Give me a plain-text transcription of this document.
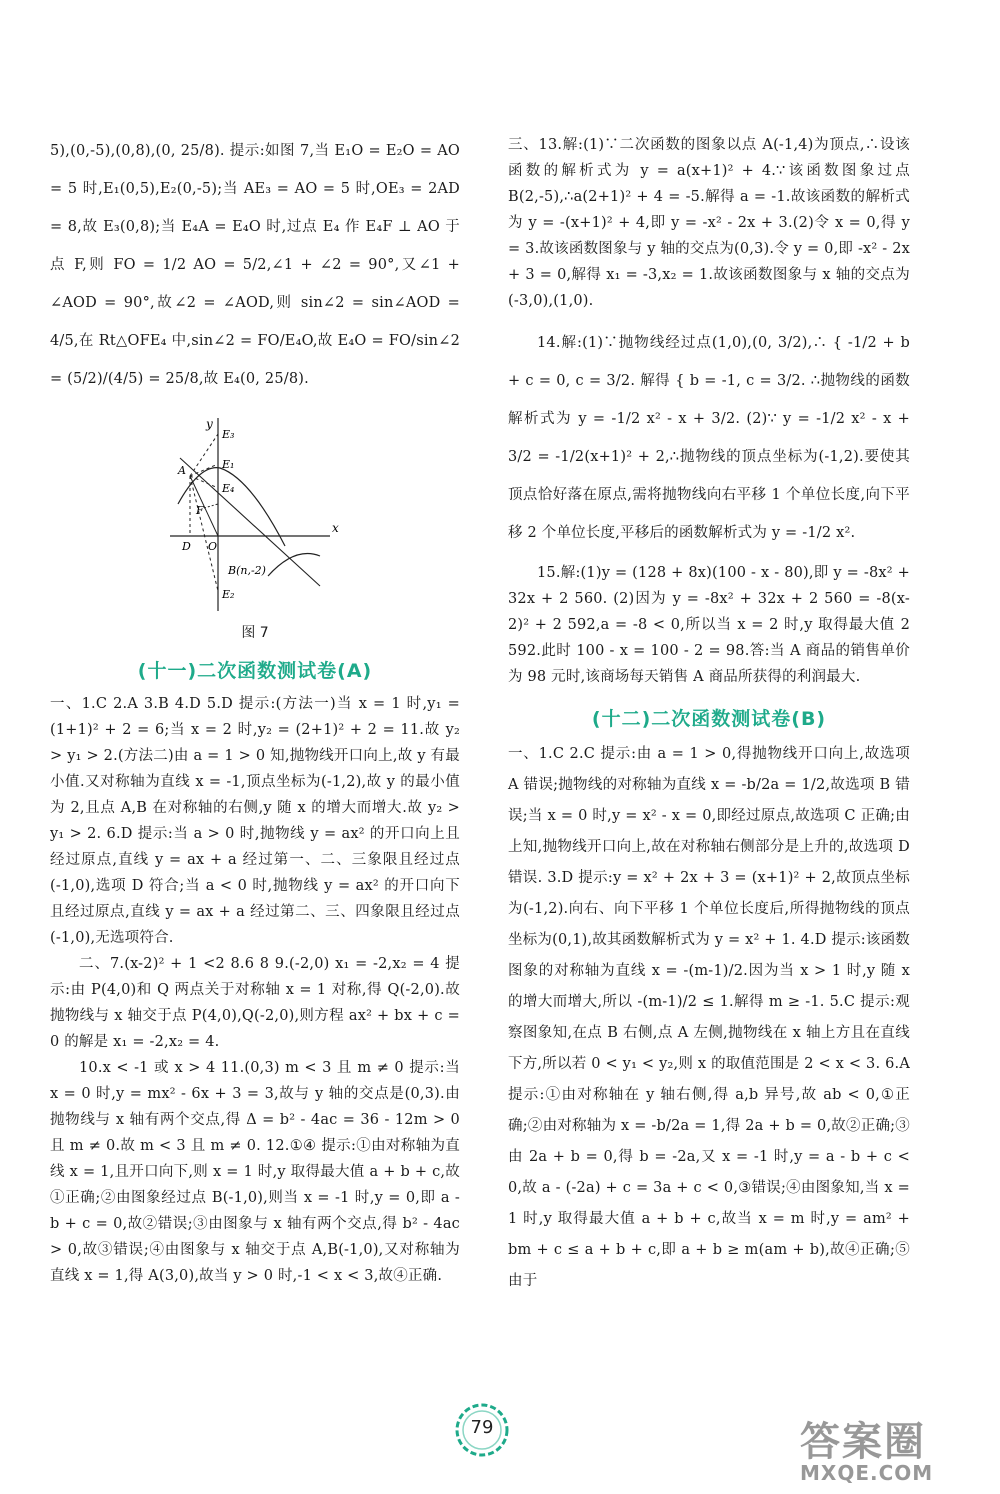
5),(0,-5),(0,8),(0, 25/8). 提示:如图 7,当 E₁O = E₂O = AO = 5 时,E₁(0,5),E₂(0,-5);当 AE₃ = AO = 5 时,OE₃ = 2AD = 8,故 E₃(0,8);当 E₄A = E₄O 时,过点 E₄ 作 E₄F ⊥ AO 于点 F,则 FO = 1/2 AO = 5/2,∠1 + ∠2 = 90°,又∠1 + ∠AOD = 90°,故∠2 = ∠AOD,则 sin∠2 = sin∠AOD = 4/5,在 Rt△OFE₄ 中,sin∠2 = FO/E₄O,故 E₄O = FO/sin∠2 = (5/2)/(4/5) = 25/8,故 E₄(0, 25/8).

y
x
E₃
E₁
E₄
E₂
A
F
D O
B(n,-2)
图 7
(十一)二次函数测试卷(A)

一、1.C 2.A 3.B 4.D 5.D 提示:(方法一)当 x = 1 时,y₁ = (1+1)² + 2 = 6;当 x = 2 时,y₂ = (2+1)² + 2 = 11.故 y₂ > y₁ > 2.(方法二)由 a = 1 > 0 知,抛物线开口向上,故 y 有最小值.又对称轴为直线 x = -1,顶点坐标为(-1,2),故 y 的最小值为 2,且点 A,B 在对称轴的右侧,y 随 x 的增大而增大.故 y₂ > y₁ > 2. 6.D 提示:当 a > 0 时,抛物线 y = ax² 的开口向上且经过原点,直线 y = ax + a 经过第一、二、三象限且经过点(-1,0),选项 D 符合;当 a < 0 时,抛物线 y = ax² 的开口向下且经过原点,直线 y = ax + a 经过第二、三、四象限且经过点(-1,0),无选项符合.

二、7.(x-2)² + 1 <2 8.6 8 9.(-2,0) x₁ = -2,x₂ = 4 提示:由 P(4,0)和 Q 两点关于对称轴 x = 1 对称,得 Q(-2,0).故抛物线与 x 轴交于点 P(4,0),Q(-2,0),则方程 ax² + bx + c = 0 的解是 x₁ = -2,x₂ = 4.

10.x < -1 或 x > 4 11.(0,3) m < 3 且 m ≠ 0 提示:当 x = 0 时,y = mx² - 6x + 3 = 3,故与 y 轴的交点是(0,3).由抛物线与 x 轴有两个交点,得 Δ = b² - 4ac = 36 - 12m > 0 且 m ≠ 0.故 m < 3 且 m ≠ 0. 12.①④ 提示:①由对称轴为直线 x = 1,且开口向下,则 x = 1 时,y 取得最大值 a + b + c,故①正确;②由图象经过点 B(-1,0),则当 x = -1 时,y = 0,即 a - b + c = 0,故②错误;③由图象与 x 轴有两个交点,得 b² - 4ac > 0,故③错误;④由图象与 x 轴交于点 A,B(-1,0),又对称轴为直线 x = 1,得 A(3,0),故当 y > 0 时,-1 < x < 3,故④正确.

三、13.解:(1)∵二次函数的图象以点 A(-1,4)为顶点,∴设该函数的解析式为 y = a(x+1)² + 4.∵该函数图象过点 B(2,-5),∴a(2+1)² + 4 = -5.解得 a = -1.故该函数的解析式为 y = -(x+1)² + 4,即 y = -x² - 2x + 3.(2)令 x = 0,得 y = 3.故该函数图象与 y 轴的交点为(0,3).令 y = 0,即 -x² - 2x + 3 = 0,解得 x₁ = -3,x₂ = 1.故该函数图象与 x 轴的交点为(-3,0),(1,0).

14.解:(1)∵抛物线经过点(1,0),(0, 3/2),∴ { -1/2 + b + c = 0, c = 3/2. 解得 { b = -1, c = 3/2. ∴抛物线的函数解析式为 y = -1/2 x² - x + 3/2. (2)∵ y = -1/2 x² - x + 3/2 = -1/2(x+1)² + 2,∴抛物线的顶点坐标为(-1,2).要使其顶点恰好落在原点,需将抛物线向右平移 1 个单位长度,向下平移 2 个单位长度,平移后的函数解析式为 y = -1/2 x².

15.解:(1)y = (128 + 8x)(100 - x - 80),即 y = -8x² + 32x + 2 560. (2)因为 y = -8x² + 32x + 2 560 = -8(x-2)² + 2 592,a = -8 < 0,所以当 x = 2 时,y 取得最大值 2 592.此时 100 - x = 100 - 2 = 98.答:当 A 商品的销售单价为 98 元时,该商场每天销售 A 商品所获得的利润最大.

(十二)二次函数测试卷(B)

一、1.C 2.C 提示:由 a = 1 > 0,得抛物线开口向上,故选项 A 错误;抛物线的对称轴为直线 x = -b/2a = 1/2,故选项 B 错误;当 x = 0 时,y = x² - x = 0,即经过原点,故选项 C 正确;由上知,抛物线开口向上,故在对称轴右侧部分是上升的,故选项 D 错误. 3.D 提示:y = x² + 2x + 3 = (x+1)² + 2,故顶点坐标为(-1,2).向右、向下平移 1 个单位长度后,所得抛物线的顶点坐标为(0,1),故其函数解析式为 y = x² + 1. 4.D 提示:该函数图象的对称轴为直线 x = -(m-1)/2.因为当 x > 1 时,y 随 x 的增大而增大,所以 -(m-1)/2 ≤ 1.解得 m ≥ -1. 5.C 提示:观察图象知,在点 B 右侧,点 A 左侧,抛物线在 x 轴上方且在直线下方,所以若 0 < y₁ < y₂,则 x 的取值范围是 2 < x < 3. 6.A 提示:①由对称轴在 y 轴右侧,得 a,b 异号,故 ab < 0,①正确;②由对称轴为 x = -b/2a = 1,得 2a + b = 0,故②正确;③由 2a + b = 0,得 b = -2a,又 x = -1 时,y = a - b + c < 0,故 a - (-2a) + c = 3a + c < 0,③错误;④由图象知,当 x = 1 时,y 取得最大值 a + b + c,故当 x = m 时,y = am² + bm + c ≤ a + b + c,即 a + b ≥ m(am + b),故④正确;⑤由于

79	答案圈
MXQE.COM
